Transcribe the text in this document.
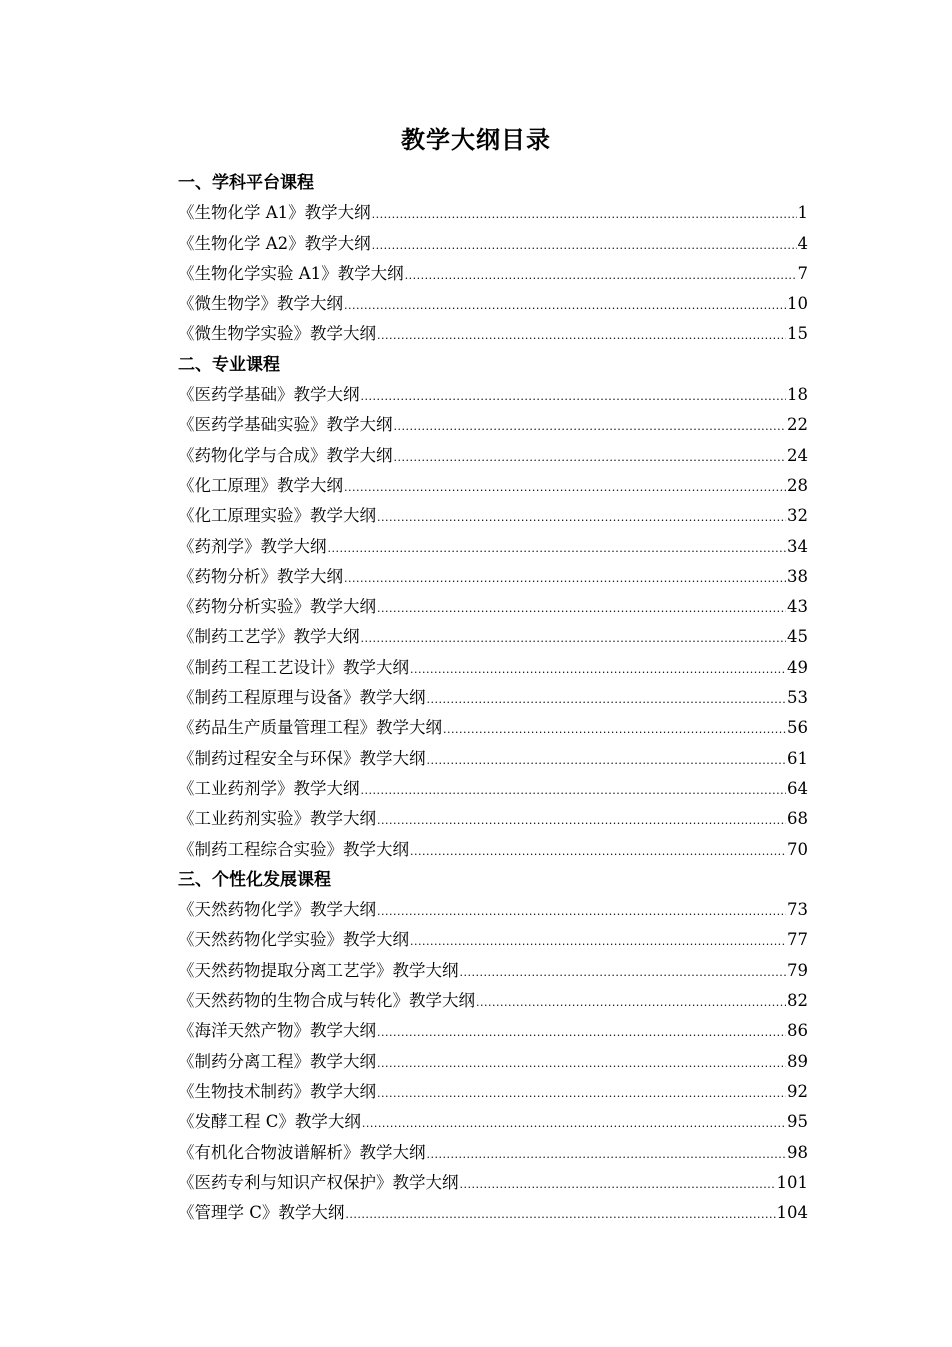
教学大纲目录
一、学科平台课程
《生物化学 A1》教学大纲 .....	1
《生物化学 A2》教学大纲 .....	4
《生物化学实验 A1》教学大纲 .....	7
《微生物学》教学大纲 .....	10
《微生物学实验》教学大纲 .....	15
二、专业课程
《医药学基础》教学大纲 .....	18
《医药学基础实验》教学大纲 .....	22
《药物化学与合成》教学大纲 .....	24
《化工原理》教学大纲 .....	28
《化工原理实验》教学大纲 .....	32
《药剂学》教学大纲 .....	34
《药物分析》教学大纲 .....	38
《药物分析实验》教学大纲 .....	43
《制药工艺学》教学大纲 .....	45
《制药工程工艺设计》教学大纲 .....	49
《制药工程原理与设备》教学大纲 .....	53
《药品生产质量管理工程》教学大纲 .....	56
《制药过程安全与环保》教学大纲 .....	61
《工业药剂学》教学大纲 .....	64
《工业药剂实验》教学大纲 .....	68
《制药工程综合实验》教学大纲 .....	70
三、个性化发展课程
《天然药物化学》教学大纲 .....	73
《天然药物化学实验》教学大纲 .....	77
《天然药物提取分离工艺学》教学大纲 .....	79
《天然药物的生物合成与转化》教学大纲 .....	82
《海洋天然产物》教学大纲 .....	86
《制药分离工程》教学大纲 .....	89
《生物技术制药》教学大纲 .....	92
《发酵工程 C》教学大纲 .....	95
《有机化合物波谱解析》教学大纲 .....	98
《医药专利与知识产权保护》教学大纲 .....	101
《管理学 C》教学大纲 .....	104
